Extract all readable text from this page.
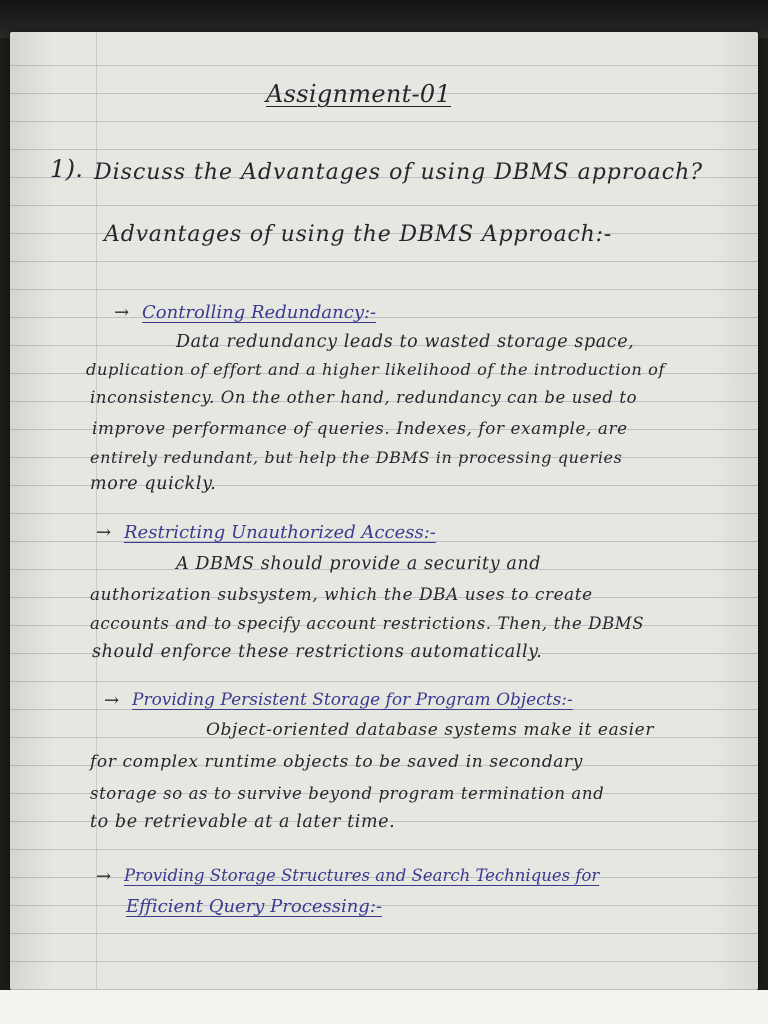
Assignment-01
1). Discuss the Advantages of using DBMS approach?
Advantages of using the DBMS Approach:-
→ Controlling Redundancy:-
Data redundancy leads to wasted storage space,
duplication of effort and a higher likelihood of the introduction of
inconsistency. On the other hand, redundancy can be used to
improve performance of queries. Indexes, for example, are
entirely redundant, but help the DBMS in processing queries
more quickly.
→ Restricting Unauthorized Access:-
A DBMS should provide a security and
authorization subsystem, which the DBA uses to create
accounts and to specify account restrictions. Then, the DBMS
should enforce these restrictions automatically.
→ Providing Persistent Storage for Program Objects:-
Object-oriented database systems make it easier
for complex runtime objects to be saved in secondary
storage so as to survive beyond program termination and
to be retrievable at a later time.
→ Providing Storage Structures and Search Techniques for
Efficient Query Processing:-
